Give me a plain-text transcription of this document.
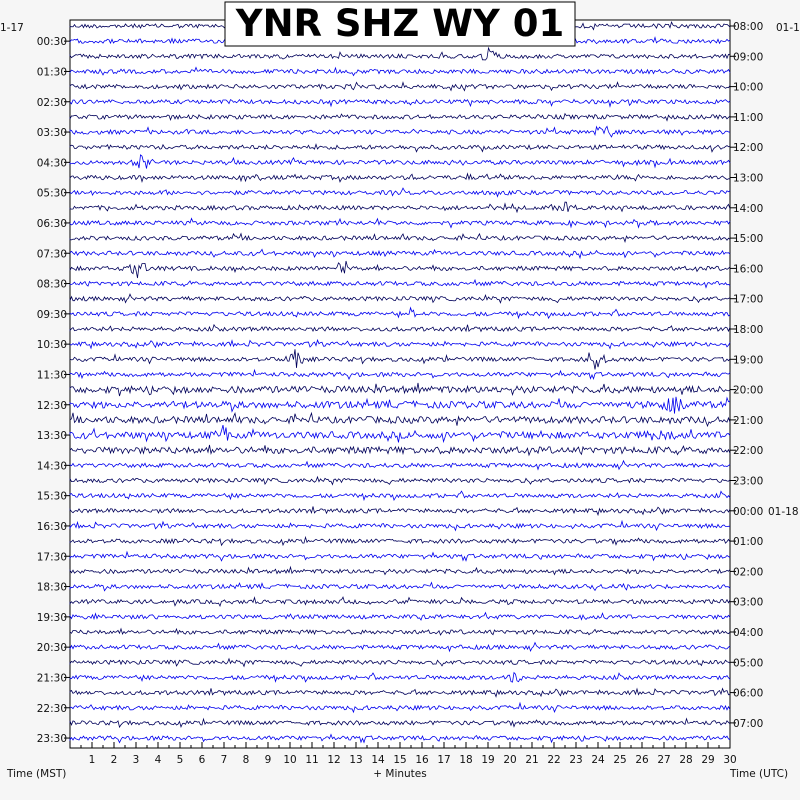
1 2 3 4 5 6 7 8 9 10 11 12 13 14 15 16 17 18 19 20 21 22 23 24 25 26 27 28 29 30
00:30
01:30
02:30
03:30
04:30
05:30
06:30
07:30
08:30
09:30
10:30
11:30
12:30
13:30
14:30
15:30
16:30
17:30
18:30
19:30
20:30
21:30
22:30
23:30
08:00
09:00
10:00
11:00
12:00
13:00
14:00
15:00
16:00
17:00
18:00
19:00
20:00
21:00
22:00
23:00
00:00 01-18
01:00
02:00
03:00
04:00
05:00
06:00
07:00
YNR SHZ WY 01
1-17	01-1
Time (MST)	+ Minutes	Time (UTC)
